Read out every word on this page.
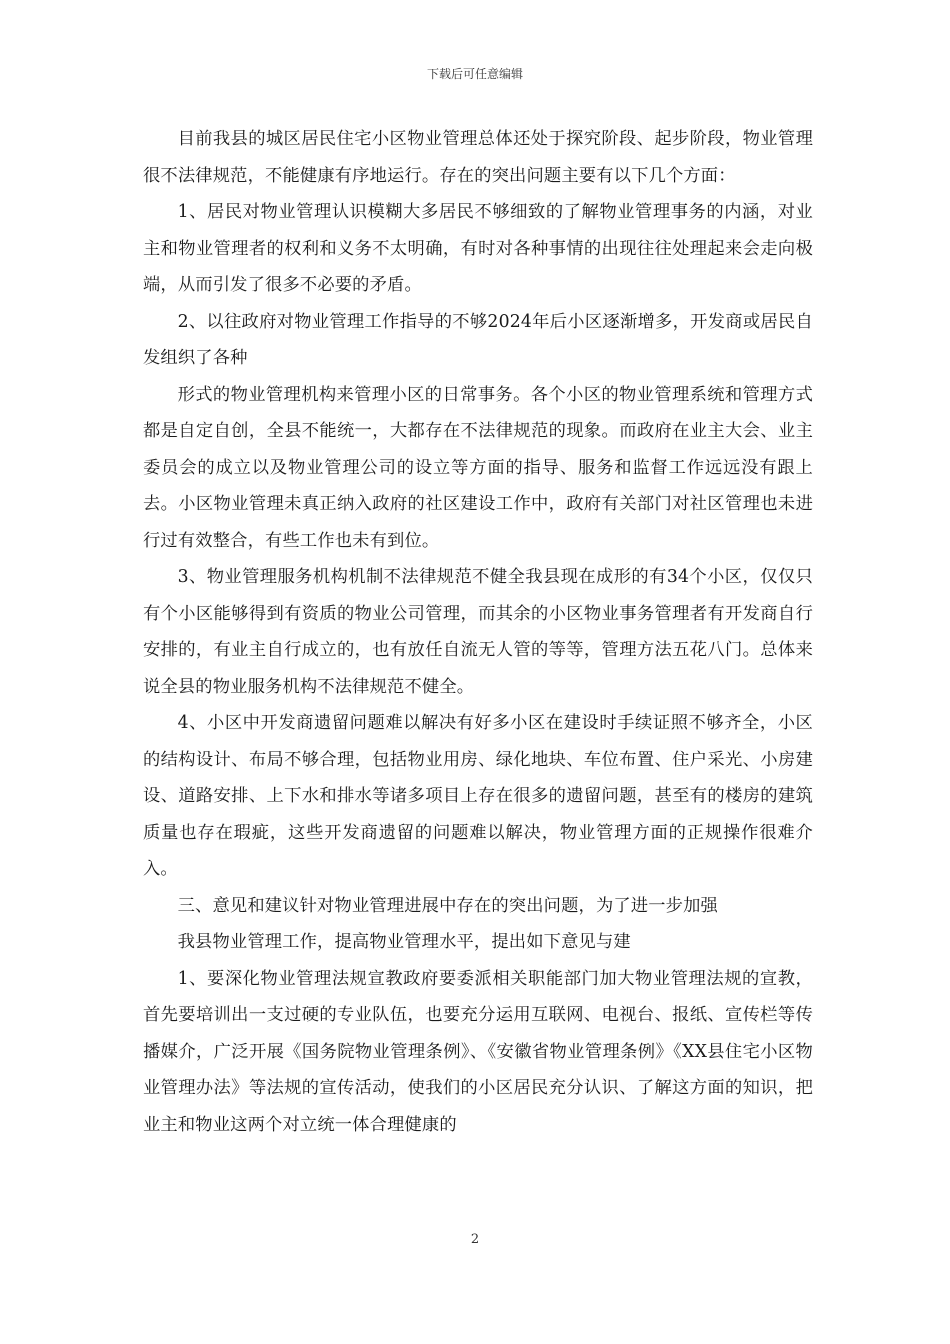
下载后可任意编辑

目前我县的城区居民住宅小区物业管理总体还处于探究阶段、起步阶段，物业管理很不法律规范，不能健康有序地运行。存在的突出问题主要有以下几个方面：

1、居民对物业管理认识模糊大多居民不够细致的了解物业管理事务的内涵，对业主和物业管理者的权利和义务不太明确，有时对各种事情的出现往往处理起来会走向极端，从而引发了很多不必要的矛盾。

2、以往政府对物业管理工作指导的不够2024年后小区逐渐增多，开发商或居民自发组织了各种

形式的物业管理机构来管理小区的日常事务。各个小区的物业管理系统和管理方式都是自定自创，全县不能统一，大都存在不法律规范的现象。而政府在业主大会、业主委员会的成立以及物业管理公司的设立等方面的指导、服务和监督工作远远没有跟上去。小区物业管理未真正纳入政府的社区建设工作中，政府有关部门对社区管理也未进行过有效整合，有些工作也未有到位。

3、物业管理服务机构机制不法律规范不健全我县现在成形的有34个小区，仅仅只有个小区能够得到有资质的物业公司管理，而其余的小区物业事务管理者有开发商自行安排的，有业主自行成立的，也有放任自流无人管的等等，管理方法五花八门。总体来说全县的物业服务机构不法律规范不健全。

4、小区中开发商遗留问题难以解决有好多小区在建设时手续证照不够齐全，小区的结构设计、布局不够合理，包括物业用房、绿化地块、车位布置、住户采光、小房建设、道路安排、上下水和排水等诸多项目上存在很多的遗留问题，甚至有的楼房的建筑质量也存在瑕疵，这些开发商遗留的问题难以解决，物业管理方面的正规操作很难介入。

三、意见和建议针对物业管理进展中存在的突出问题，为了进一步加强

我县物业管理工作，提高物业管理水平，提出如下意见与建

1、要深化物业管理法规宣教政府要委派相关职能部门加大物业管理法规的宣教，首先要培训出一支过硬的专业队伍，也要充分运用互联网、电视台、报纸、宣传栏等传播媒介，广泛开展《国务院物业管理条例》、《安徽省物业管理条例》《XX县住宅小区物业管理办法》等法规的宣传活动，使我们的小区居民充分认识、了解这方面的知识，把业主和物业这两个对立统一体合理健康的

2
